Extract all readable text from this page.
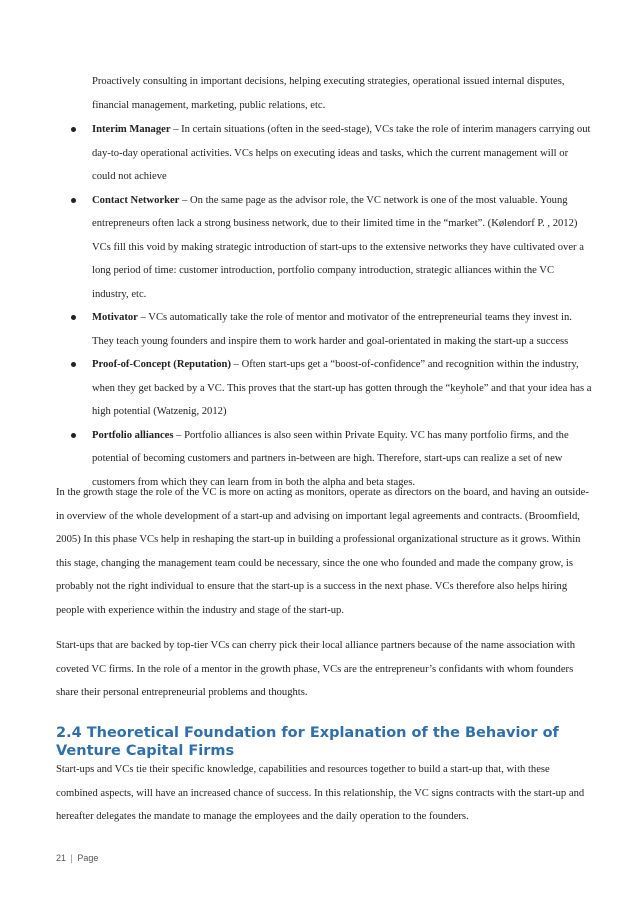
Proactively consulting in important decisions, helping executing strategies, operational issued internal disputes, financial management, marketing, public relations, etc.
Interim Manager – In certain situations (often in the seed-stage), VCs take the role of interim managers carrying out day-to-day operational activities. VCs helps on executing ideas and tasks, which the current management will or could not achieve
Contact Networker – On the same page as the advisor role, the VC network is one of the most valuable. Young entrepreneurs often lack a strong business network, due to their limited time in the “market”. (Kølendorf P. , 2012) VCs fill this void by making strategic introduction of start-ups to the extensive networks they have cultivated over a long period of time: customer introduction, portfolio company introduction, strategic alliances within the VC industry, etc.
Motivator – VCs automatically take the role of mentor and motivator of the entrepreneurial teams they invest in. They teach young founders and inspire them to work harder and goal-orientated in making the start-up a success
Proof-of-Concept (Reputation) – Often start-ups get a “boost-of-confidence” and recognition within the industry, when they get backed by a VC. This proves that the start-up has gotten through the “keyhole” and that your idea has a high potential (Watzenig, 2012)
Portfolio alliances – Portfolio alliances is also seen within Private Equity. VC has many portfolio firms, and the potential of becoming customers and partners in-between are high. Therefore, start-ups can realize a set of new customers from which they can learn from in both the alpha and beta stages.
In the growth stage the role of the VC is more on acting as monitors, operate as directors on the board, and having an outside-in overview of the whole development of a start-up and advising on important legal agreements and contracts. (Broomfield, 2005) In this phase VCs help in reshaping the start-up in building a professional organizational structure as it grows. Within this stage, changing the management team could be necessary, since the one who founded and made the company grow, is probably not the right individual to ensure that the start-up is a success in the next phase. VCs therefore also helps hiring people with experience within the industry and stage of the start-up.
Start-ups that are backed by top-tier VCs can cherry pick their local alliance partners because of the name association with coveted VC firms. In the role of a mentor in the growth phase, VCs are the entrepreneur’s confidants with whom founders share their personal entrepreneurial problems and thoughts.
2.4 Theoretical Foundation for Explanation of the Behavior of Venture Capital Firms
Start-ups and VCs tie their specific knowledge, capabilities and resources together to build a start-up that, with these combined aspects, will have an increased chance of success. In this relationship, the VC signs contracts with the start-up and hereafter delegates the mandate to manage the employees and the daily operation to the founders.
21 | Page
